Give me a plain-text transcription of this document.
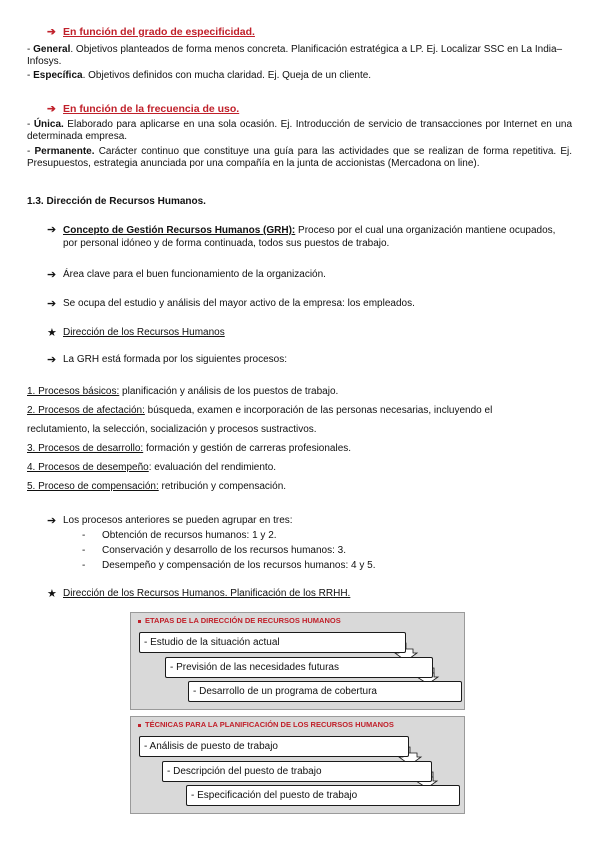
➔ En función del grado de especificidad.
- General. Objetivos planteados de forma menos concreta. Planificación estratégica a LP. Ej. Localizar SSC en La India– Infosys.
- Específica. Objetivos definidos con mucha claridad. Ej. Queja de un cliente.
➔ En función de la frecuencia de uso.
- Única. Elaborado para aplicarse en una sola ocasión. Ej. Introducción de servicio de transacciones por Internet en una determinada empresa.
- Permanente. Carácter continuo que constituye una guía para las actividades que se realizan de forma repetitiva. Ej. Presupuestos, estrategia anunciada por una compañía en la junta de accionistas (Mercadona on line).
1.3. Dirección de Recursos Humanos.
➔ Concepto de Gestión Recursos Humanos (GRH): Proceso por el cual una organización mantiene ocupados, por personal idóneo y de forma continuada, todos sus puestos de trabajo.
➔ Área clave para el buen funcionamiento de la organización.
➔ Se ocupa del estudio y análisis del mayor activo de la empresa: los empleados.
★ Dirección de los Recursos Humanos
➔ La GRH está formada por los siguientes procesos:
1. Procesos básicos: planificación y análisis de los puestos de trabajo.
2. Procesos de afectación: búsqueda, examen e incorporación de las personas necesarias, incluyendo el
reclutamiento, la selección, socialización y procesos sustractivos.
3. Procesos de desarrollo: formación y gestión de carreras profesionales.
4. Procesos de desempeño: evaluación del rendimiento.
5. Proceso de compensación: retribución y compensación.
➔ Los procesos anteriores se pueden agrupar en tres:
- Obtención de recursos humanos: 1 y 2.
- Conservación y desarrollo de los recursos humanos: 3.
- Desempeño y compensación de los recursos humanos: 4 y 5.
★ Dirección de los Recursos Humanos. Planificación de los RRHH.
ETAPAS DE LA DIRECCIÓN DE RECURSOS HUMANOS
- Estudio de la situación actual
- Previsión de las necesidades futuras
- Desarrollo de un programa de cobertura
TÉCNICAS PARA LA PLANIFICACIÓN DE LOS RECURSOS HUMANOS
- Análisis de puesto de trabajo
- Descripción del puesto de trabajo
- Especificación del puesto de trabajo
